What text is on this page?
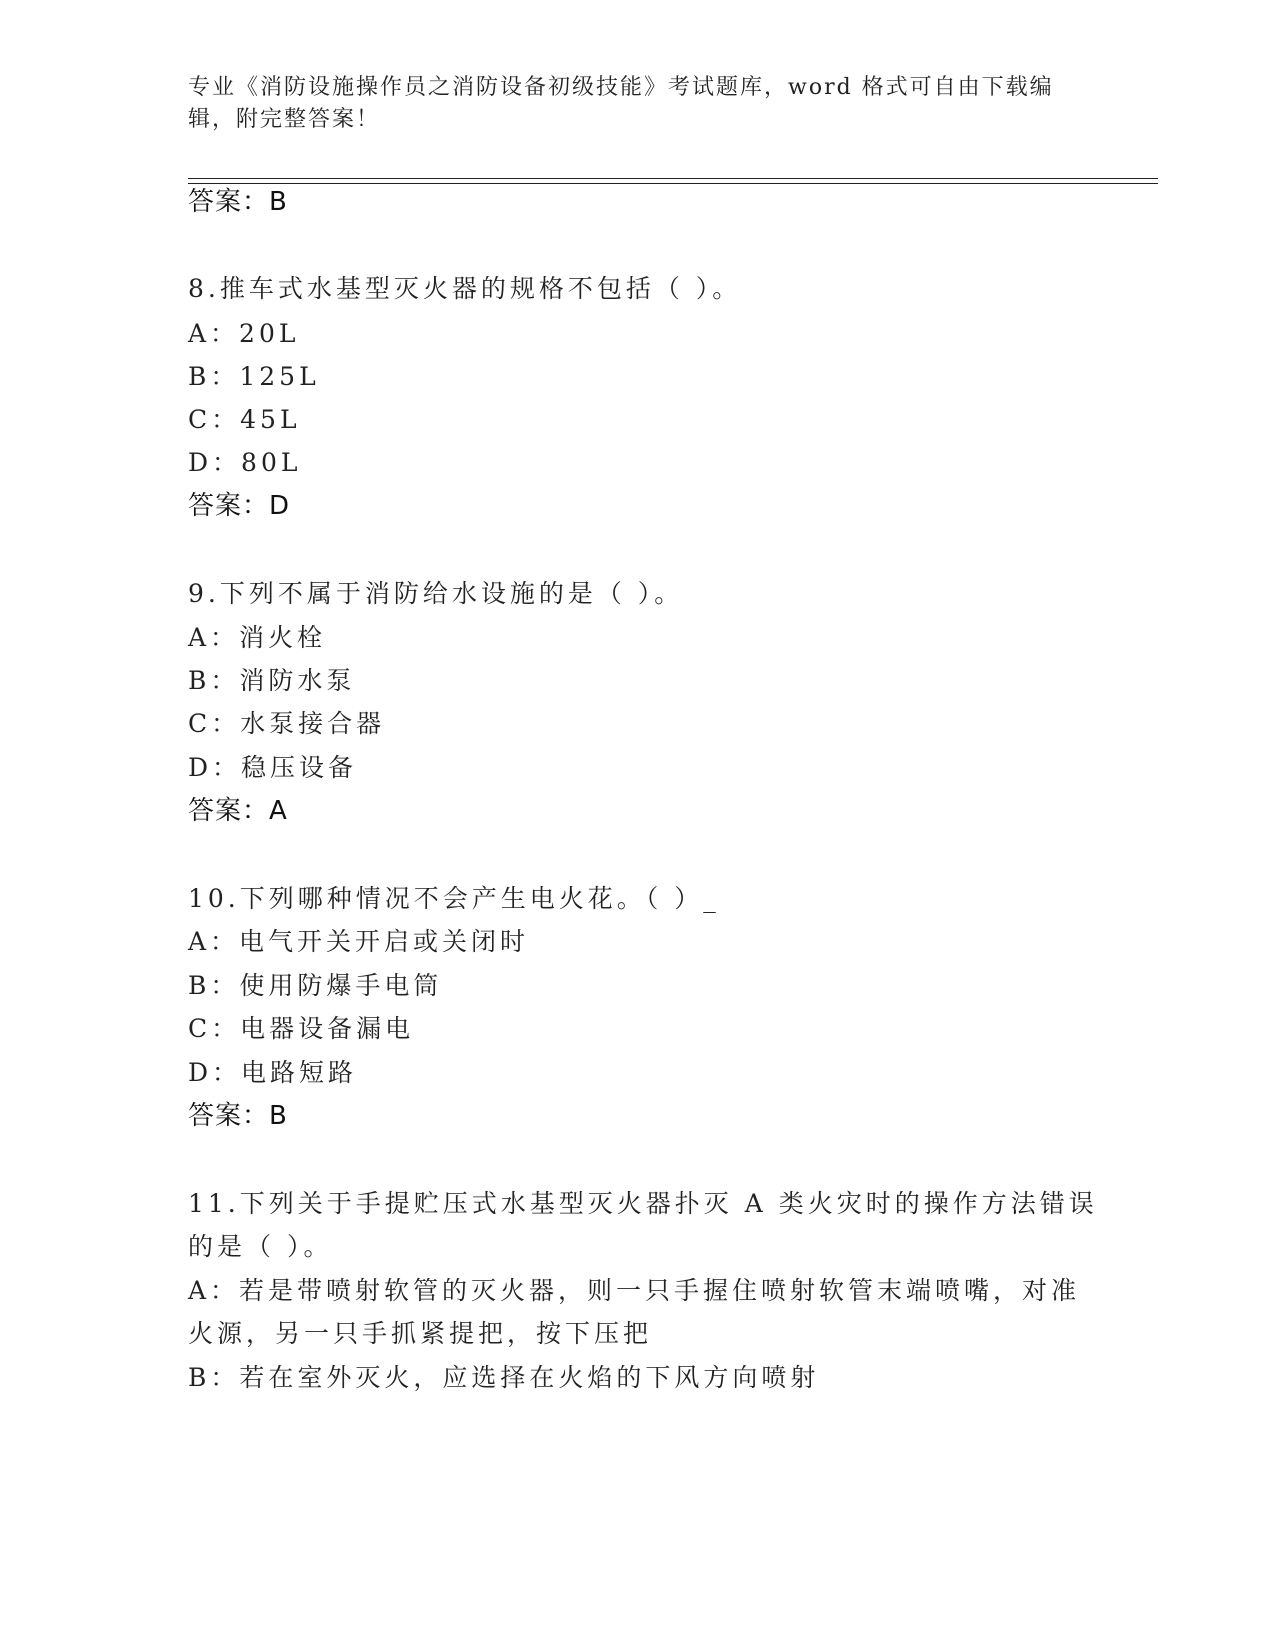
专业《消防设施操作员之消防设备初级技能》考试题库，word 格式可自由下载编辑，附完整答案！
答案：B
8.推车式水基型灭火器的规格不包括（ ）。
A：20L
B：125L
C：45L
D：80L
答案：D
9.下列不属于消防给水设施的是（ ）。
A：消火栓
B：消防水泵
C：水泵接合器
D：稳压设备
答案：A
10.下列哪种情况不会产生电火花。（ ）_
A：电气开关开启或关闭时
B：使用防爆手电筒
C：电器设备漏电
D：电路短路
答案：B
11.下列关于手提贮压式水基型灭火器扑灭 A 类火灾时的操作方法错误
的是（ ）。
A：若是带喷射软管的灭火器，则一只手握住喷射软管末端喷嘴，对准
火源，另一只手抓紧提把，按下压把
B：若在室外灭火，应选择在火焰的下风方向喷射
